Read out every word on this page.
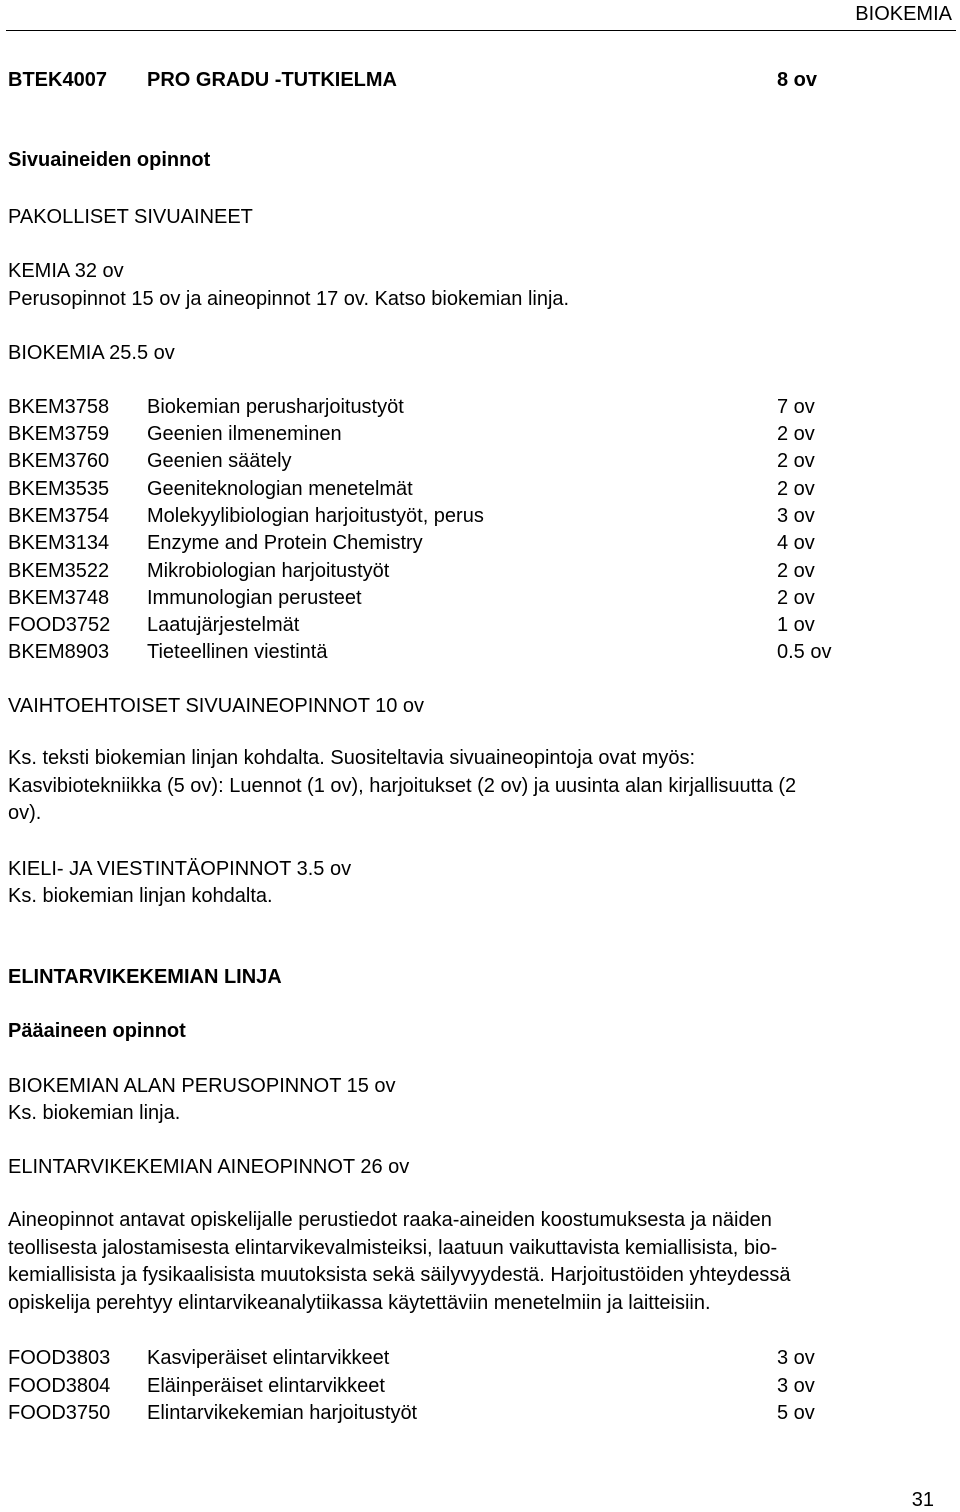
BIOKEMIA
BTEK4007 PRO GRADU -TUTKIELMA	8 ov
Sivuaineiden opinnot
PAKOLLISET SIVUAINEET
KEMIA 32 ov
Perusopinnot 15 ov ja aineopinnot 17 ov. Katso biokemian linja.
BIOKEMIA 25.5 ov
BKEM3758 Biokemian perusharjoitustyöt	7 ov
BKEM3759 Geenien ilmeneminen	2 ov
BKEM3760 Geenien säätely	2 ov
BKEM3535 Geeniteknologian menetelmät	2 ov
BKEM3754 Molekyylibiologian harjoitustyöt, perus	3 ov
BKEM3134 Enzyme and Protein Chemistry	4 ov
BKEM3522 Mikrobiologian harjoitustyöt	2 ov
BKEM3748 Immunologian perusteet	2 ov
FOOD3752 Laatujärjestelmät	1 ov
BKEM8903 Tieteellinen viestintä	0.5 ov
VAIHTOEHTOISET SIVUAINEOPINNOT 10 ov
Ks. teksti biokemian linjan kohdalta. Suositeltavia sivuaineopintoja ovat myös:
Kasvibiotekniikka (5 ov): Luennot (1 ov), harjoitukset (2 ov) ja uusinta alan kirjallisuutta (2
ov).
KIELI- JA VIESTINTÄOPINNOT 3.5 ov
Ks. biokemian linjan kohdalta.
ELINTARVIKEKEMIAN LINJA
Pääaineen opinnot
BIOKEMIAN ALAN PERUSOPINNOT 15 ov
Ks. biokemian linja.
ELINTARVIKEKEMIAN AINEOPINNOT 26 ov
Aineopinnot antavat opiskelijalle perustiedot raaka-aineiden koostumuksesta ja näiden
teollisesta jalostamisesta elintarvikevalmisteiksi, laatuun vaikuttavista kemiallisista, bio-
kemiallisista ja fysikaalisista muutoksista sekä säilyvyydestä. Harjoitustöiden yhteydessä
opiskelija perehtyy elintarvikeanalytiikassa käytettäviin menetelmiin ja laitteisiin.
FOOD3803 Kasviperäiset elintarvikkeet	3 ov
FOOD3804 Eläinperäiset elintarvikkeet	3 ov
FOOD3750 Elintarvikekemian harjoitustyöt	5 ov
31
